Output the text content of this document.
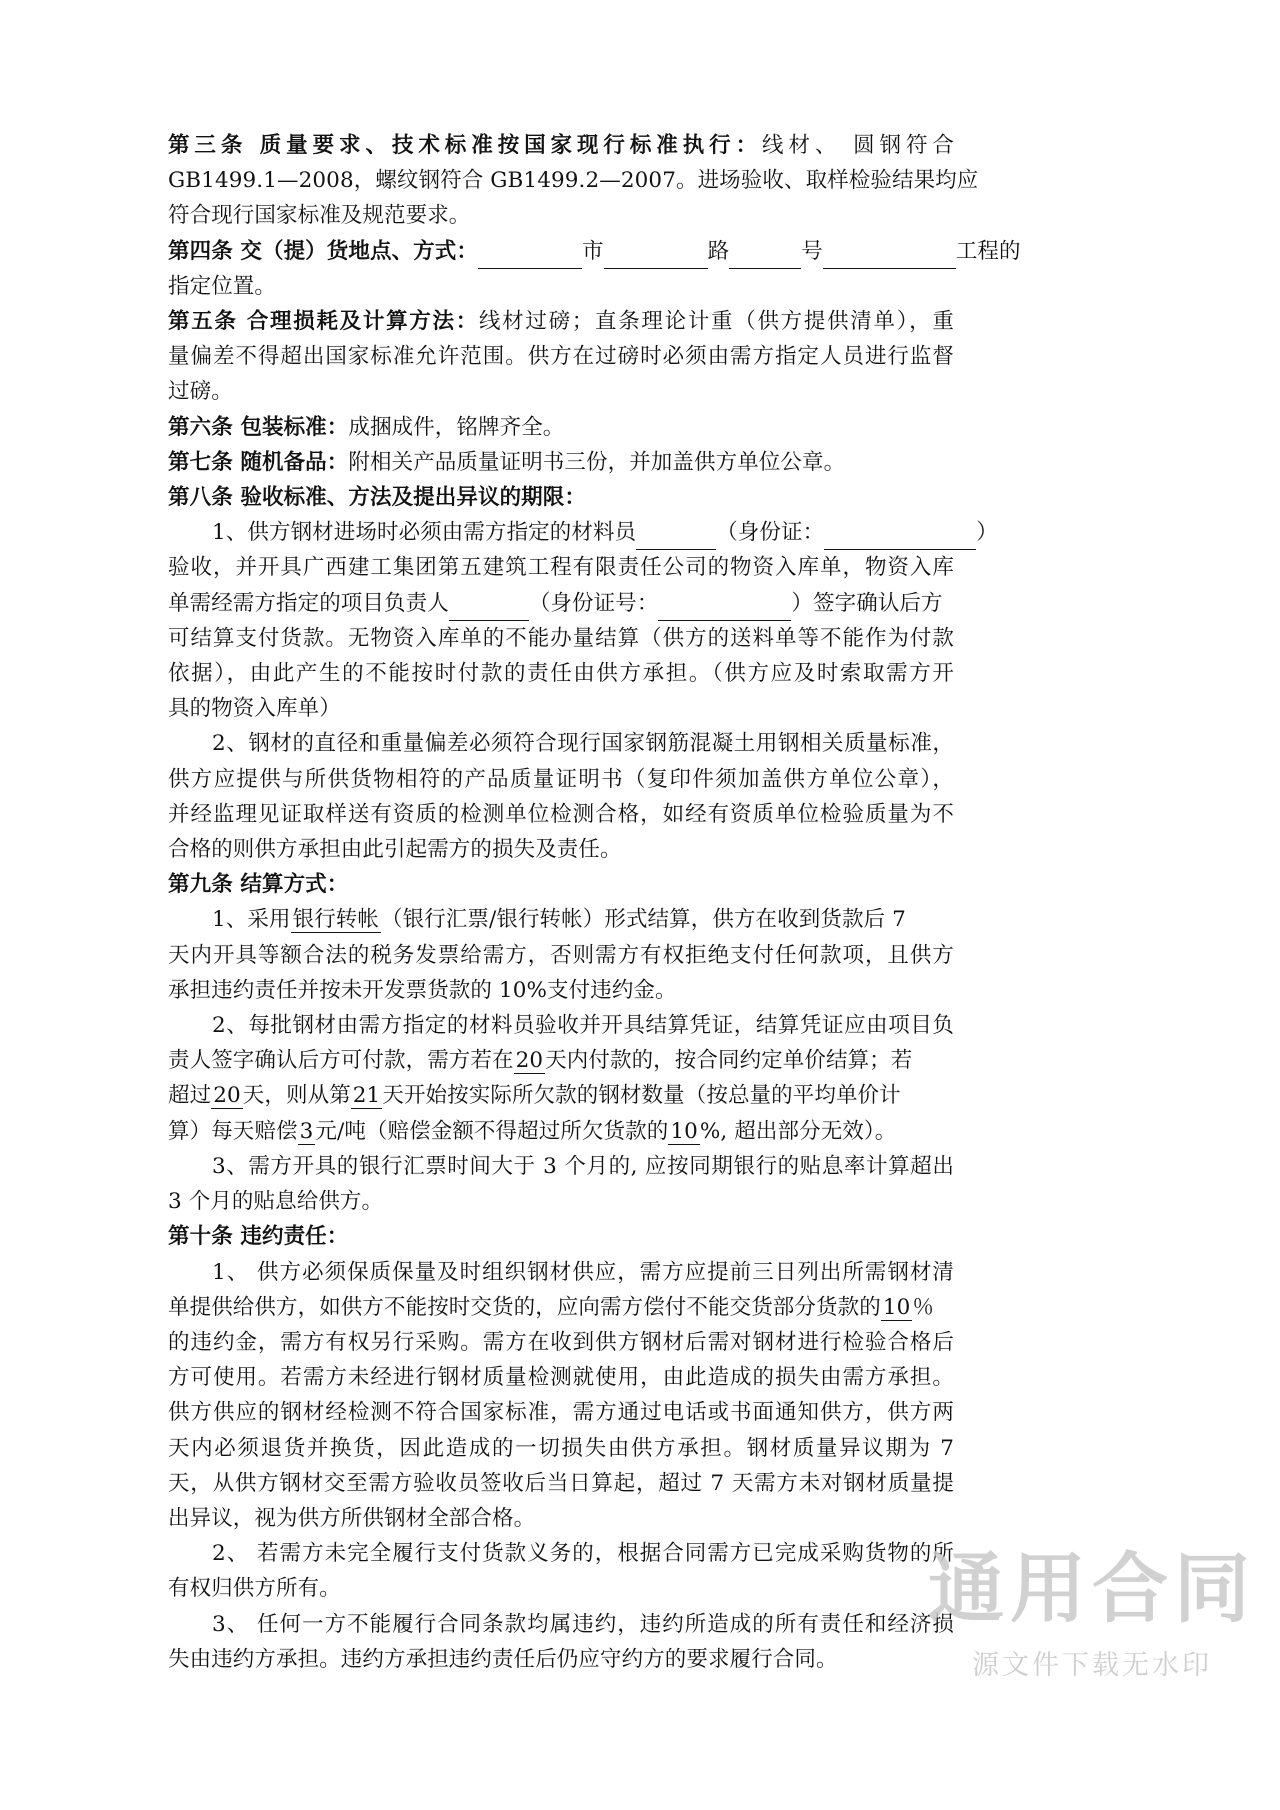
第三条 质量要求、技术标准按国家现行标准执行：线材、 圆钢符合
GB1499.1—2008，螺纹钢符合 GB1499.2—2007。进场验收、取样检验结果均应
符合现行国家标准及规范要求。
第四条 交（提）货地点、方式：	市	路	号	工程的
指定位置。
第五条 合理损耗及计算方法：线材过磅；直条理论计重（供方提供清单），重
量偏差不得超出国家标准允许范围。供方在过磅时必须由需方指定人员进行监督
过磅。
第六条 包装标准：成捆成件，铭牌齐全。
第七条 随机备品：附相关产品质量证明书三份，并加盖供方单位公章。
第八条 验收标准、方法及提出异议的期限：
1、供方钢材进场时必须由需方指定的材料员	（身份证：	）
验收，并开具广西建工集团第五建筑工程有限责任公司的物资入库单，物资入库
单需经需方指定的项目负责人	（身份证号：	）签字确认后方
可结算支付货款。无物资入库单的不能办量结算（供方的送料单等不能作为付款
依据），由此产生的不能按时付款的责任由供方承担。（供方应及时索取需方开
具的物资入库单）
2、钢材的直径和重量偏差必须符合现行国家钢筋混凝土用钢相关质量标准，
供方应提供与所供货物相符的产品质量证明书（复印件须加盖供方单位公章），
并经监理见证取样送有资质的检测单位检测合格，如经有资质单位检验质量为不
合格的则供方承担由此引起需方的损失及责任。
第九条 结算方式：
1、采用银行转帐（银行汇票/银行转帐）形式结算，供方在收到货款后 7
天内开具等额合法的税务发票给需方，否则需方有权拒绝支付任何款项，且供方
承担违约责任并按未开发票货款的 10%支付违约金。
2、每批钢材由需方指定的材料员验收并开具结算凭证，结算凭证应由项目负
责人签字确认后方可付款，需方若在20天内付款的，按合同约定单价结算；若
超过20天，则从第21天开始按实际所欠款的钢材数量（按总量的平均单价计
算）每天赔偿3元/吨（赔偿金额不得超过所欠货款的10%, 超出部分无效）。
3、需方开具的银行汇票时间大于 3 个月的, 应按同期银行的贴息率计算超出
3 个月的贴息给供方。
第十条 违约责任：
1、 供方必须保质保量及时组织钢材供应，需方应提前三日列出所需钢材清
单提供给供方，如供方不能按时交货的，应向需方偿付不能交货部分货款的10％
的违约金，需方有权另行采购。需方在收到供方钢材后需对钢材进行检验合格后
方可使用。若需方未经进行钢材质量检测就使用，由此造成的损失由需方承担。
供方供应的钢材经检测不符合国家标准，需方通过电话或书面通知供方，供方两
天内必须退货并换货，因此造成的一切损失由供方承担。钢材质量异议期为 7
天，从供方钢材交至需方验收员签收后当日算起，超过 7 天需方未对钢材质量提
出异议，视为供方所供钢材全部合格。
2、 若需方未完全履行支付货款义务的，根据合同需方已完成采购货物的所
有权归供方所有。
3、 任何一方不能履行合同条款均属违约，违约所造成的所有责任和经济损
失由违约方承担。违约方承担违约责任后仍应守约方的要求履行合同。
通用合同
源文件下载无水印
